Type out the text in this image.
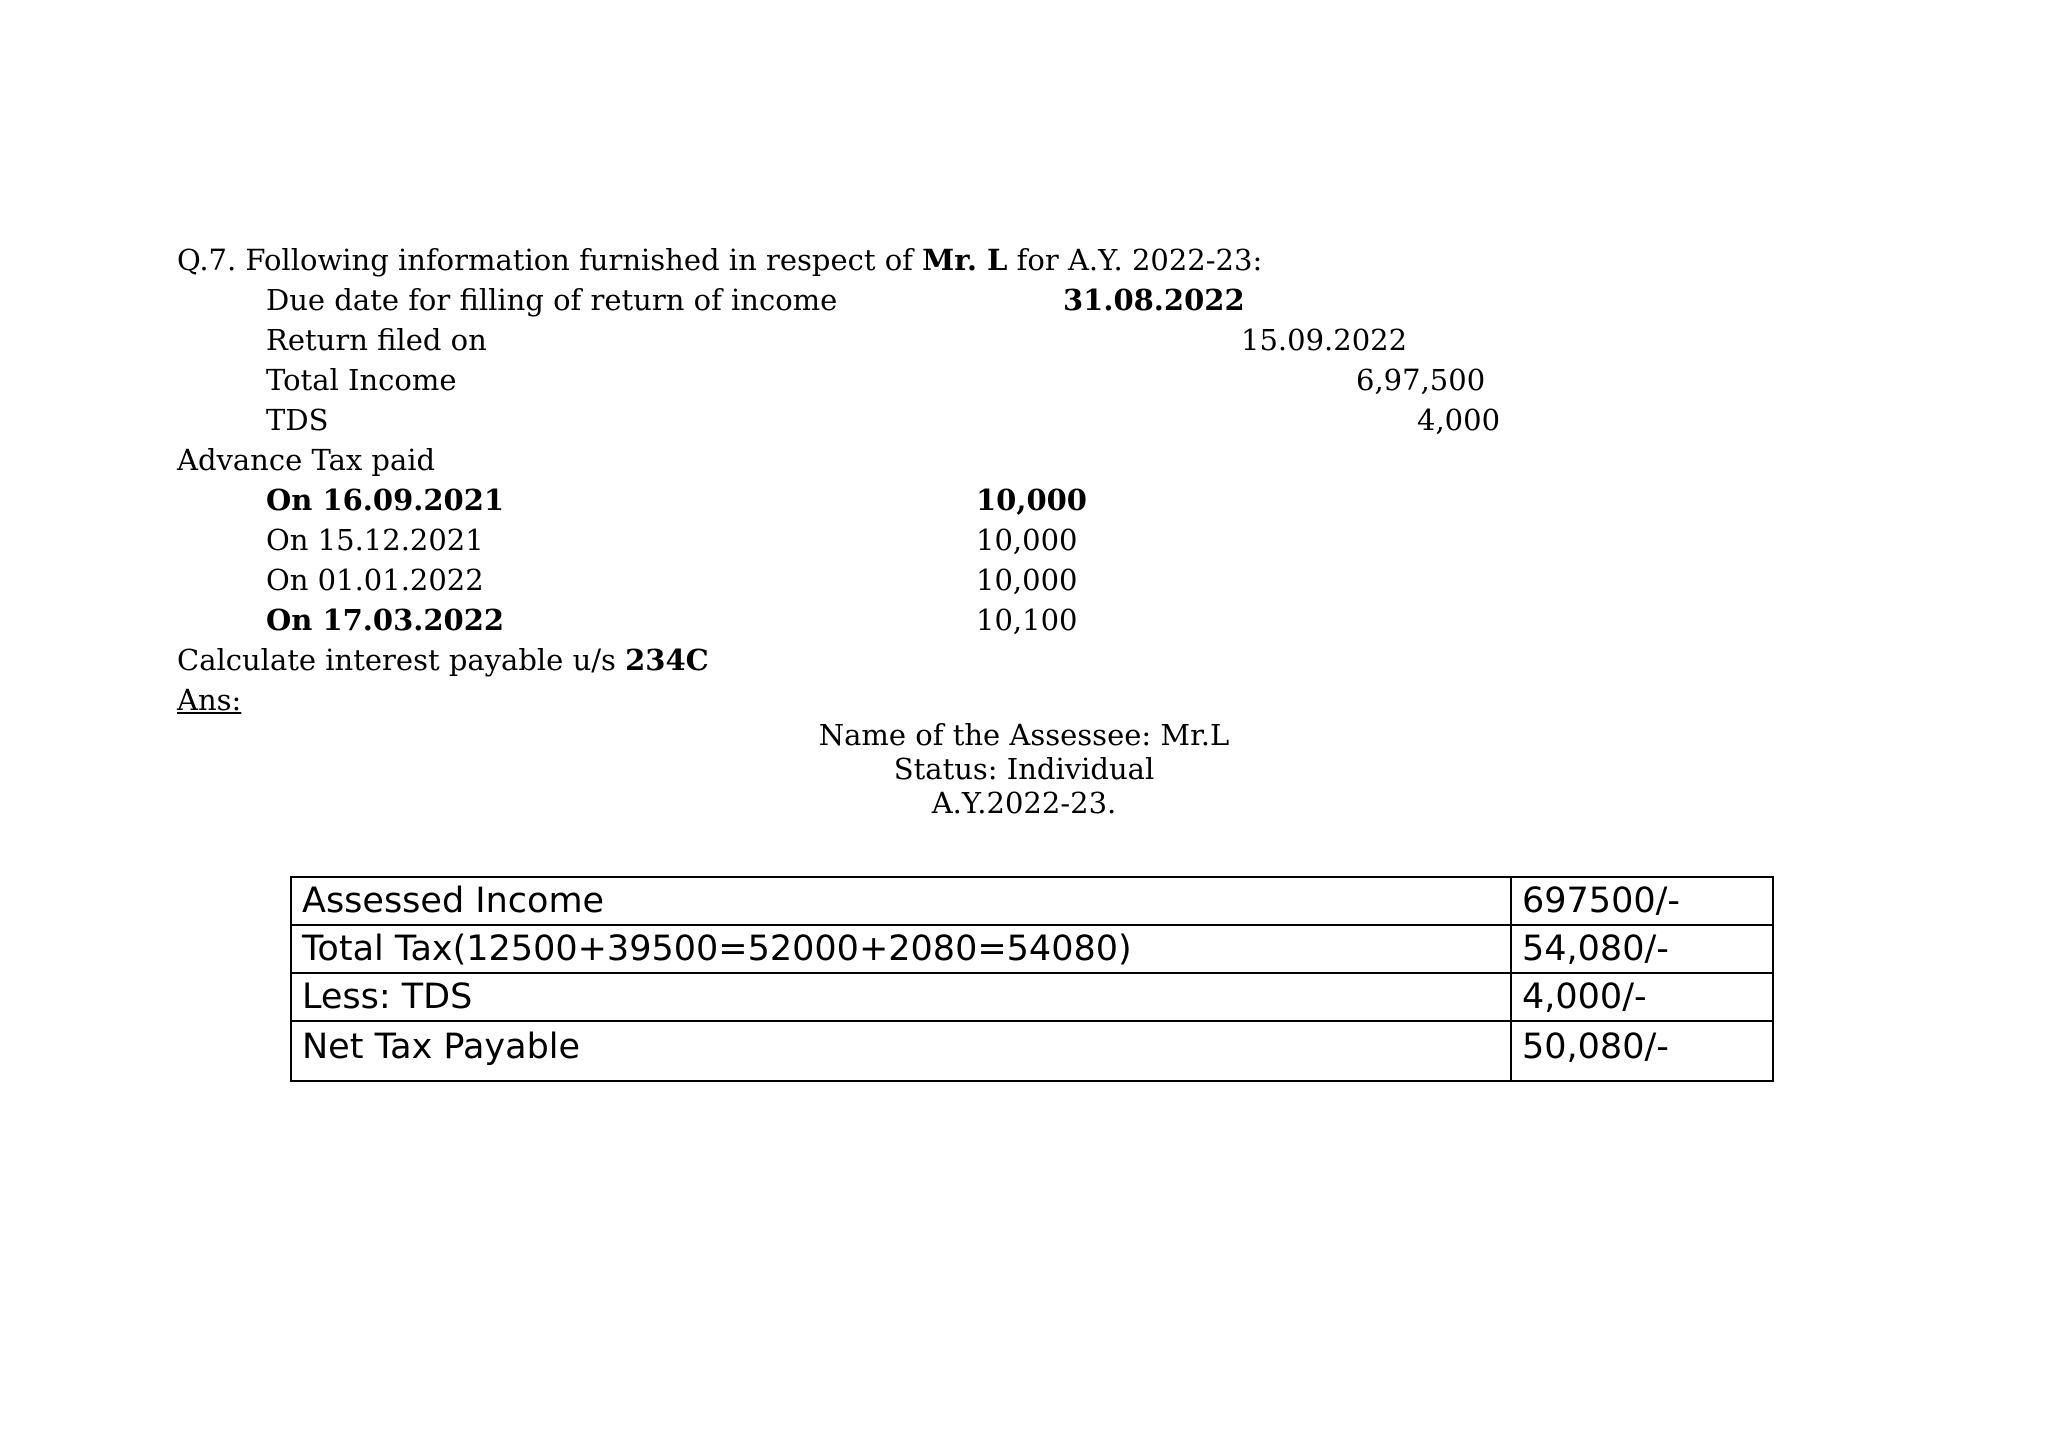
Q.7. Following information furnished in respect of Mr. L for A.Y. 2022-23:
Due date for filling of return of income	31.08.2022
Return filed on	15.09.2022
Total Income	6,97,500
TDS	4,000
Advance Tax paid
On 16.09.2021	10,000
On 15.12.2021	10,000
On 01.01.2022	10,000
On 17.03.2022	10,100
Calculate interest payable u/s 234C
Ans:
Name of the Assessee: Mr.L
Status: Individual
A.Y.2022-23.
Assessed Income	697500/-
Total Tax(12500+39500=52000+2080=54080)	54,080/-
Less: TDS	4,000/-
Net Tax Payable	50,080/-
